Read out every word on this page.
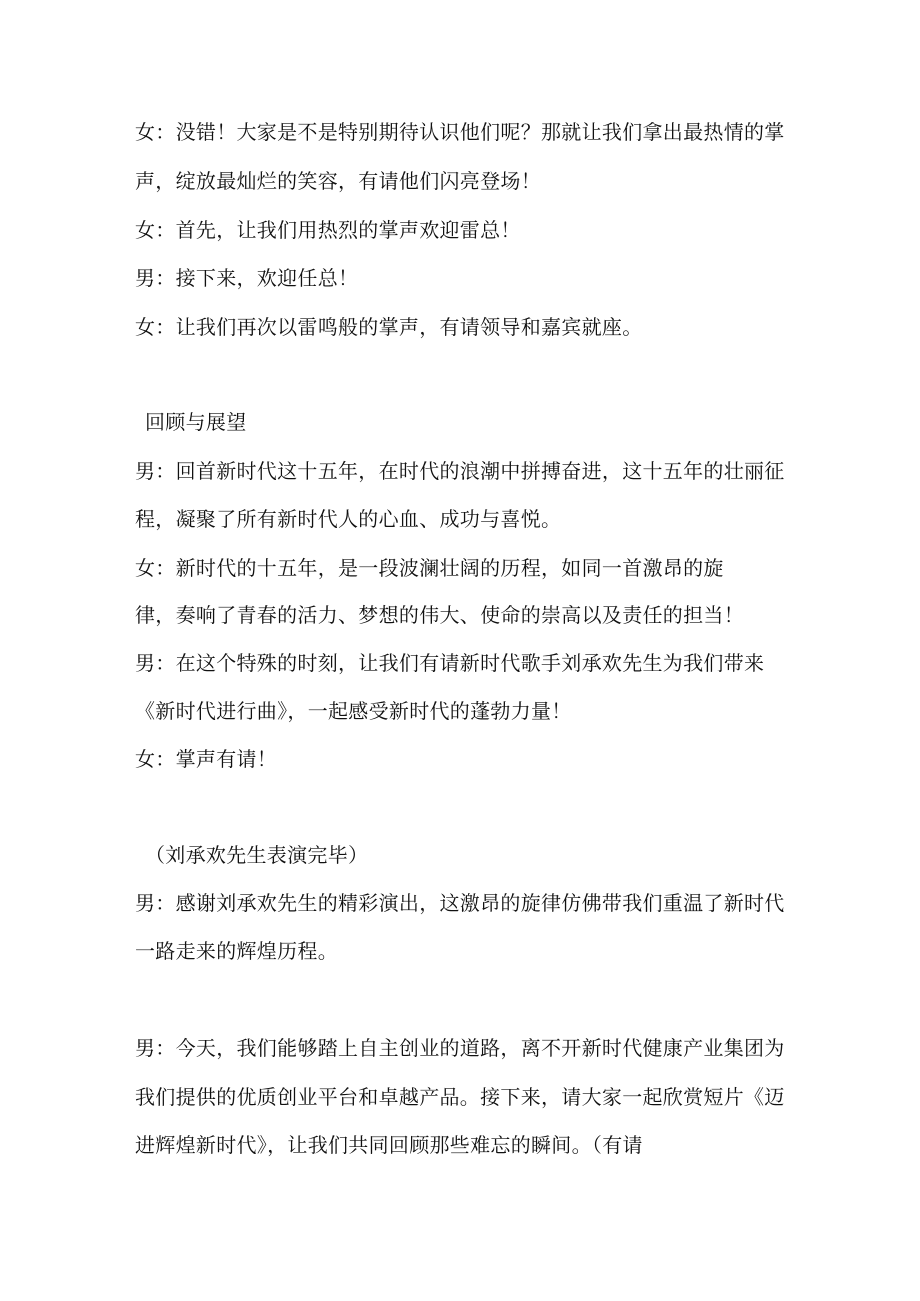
女：没错！大家是不是特别期待认识他们呢？那就让我们拿出最热情的掌
声，绽放最灿烂的笑容，有请他们闪亮登场！
女：首先，让我们用热烈的掌声欢迎雷总！
男：接下来，欢迎任总！
女：让我们再次以雷鸣般的掌声，有请领导和嘉宾就座。
回顾与展望
男：回首新时代这十五年，在时代的浪潮中拼搏奋进，这十五年的壮丽征
程，凝聚了所有新时代人的心血、成功与喜悦。
女：新时代的十五年，是一段波澜壮阔的历程，如同一首激昂的旋
律，奏响了青春的活力、梦想的伟大、使命的崇高以及责任的担当！
男：在这个特殊的时刻，让我们有请新时代歌手刘承欢先生为我们带来
《新时代进行曲》，一起感受新时代的蓬勃力量！
女：掌声有请！
（刘承欢先生表演完毕）
男：感谢刘承欢先生的精彩演出，这激昂的旋律仿佛带我们重温了新时代
一路走来的辉煌历程。
男：今天，我们能够踏上自主创业的道路，离不开新时代健康产业集团为
我们提供的优质创业平台和卓越产品。接下来，请大家一起欣赏短片《迈
进辉煌新时代》，让我们共同回顾那些难忘的瞬间。（有请
